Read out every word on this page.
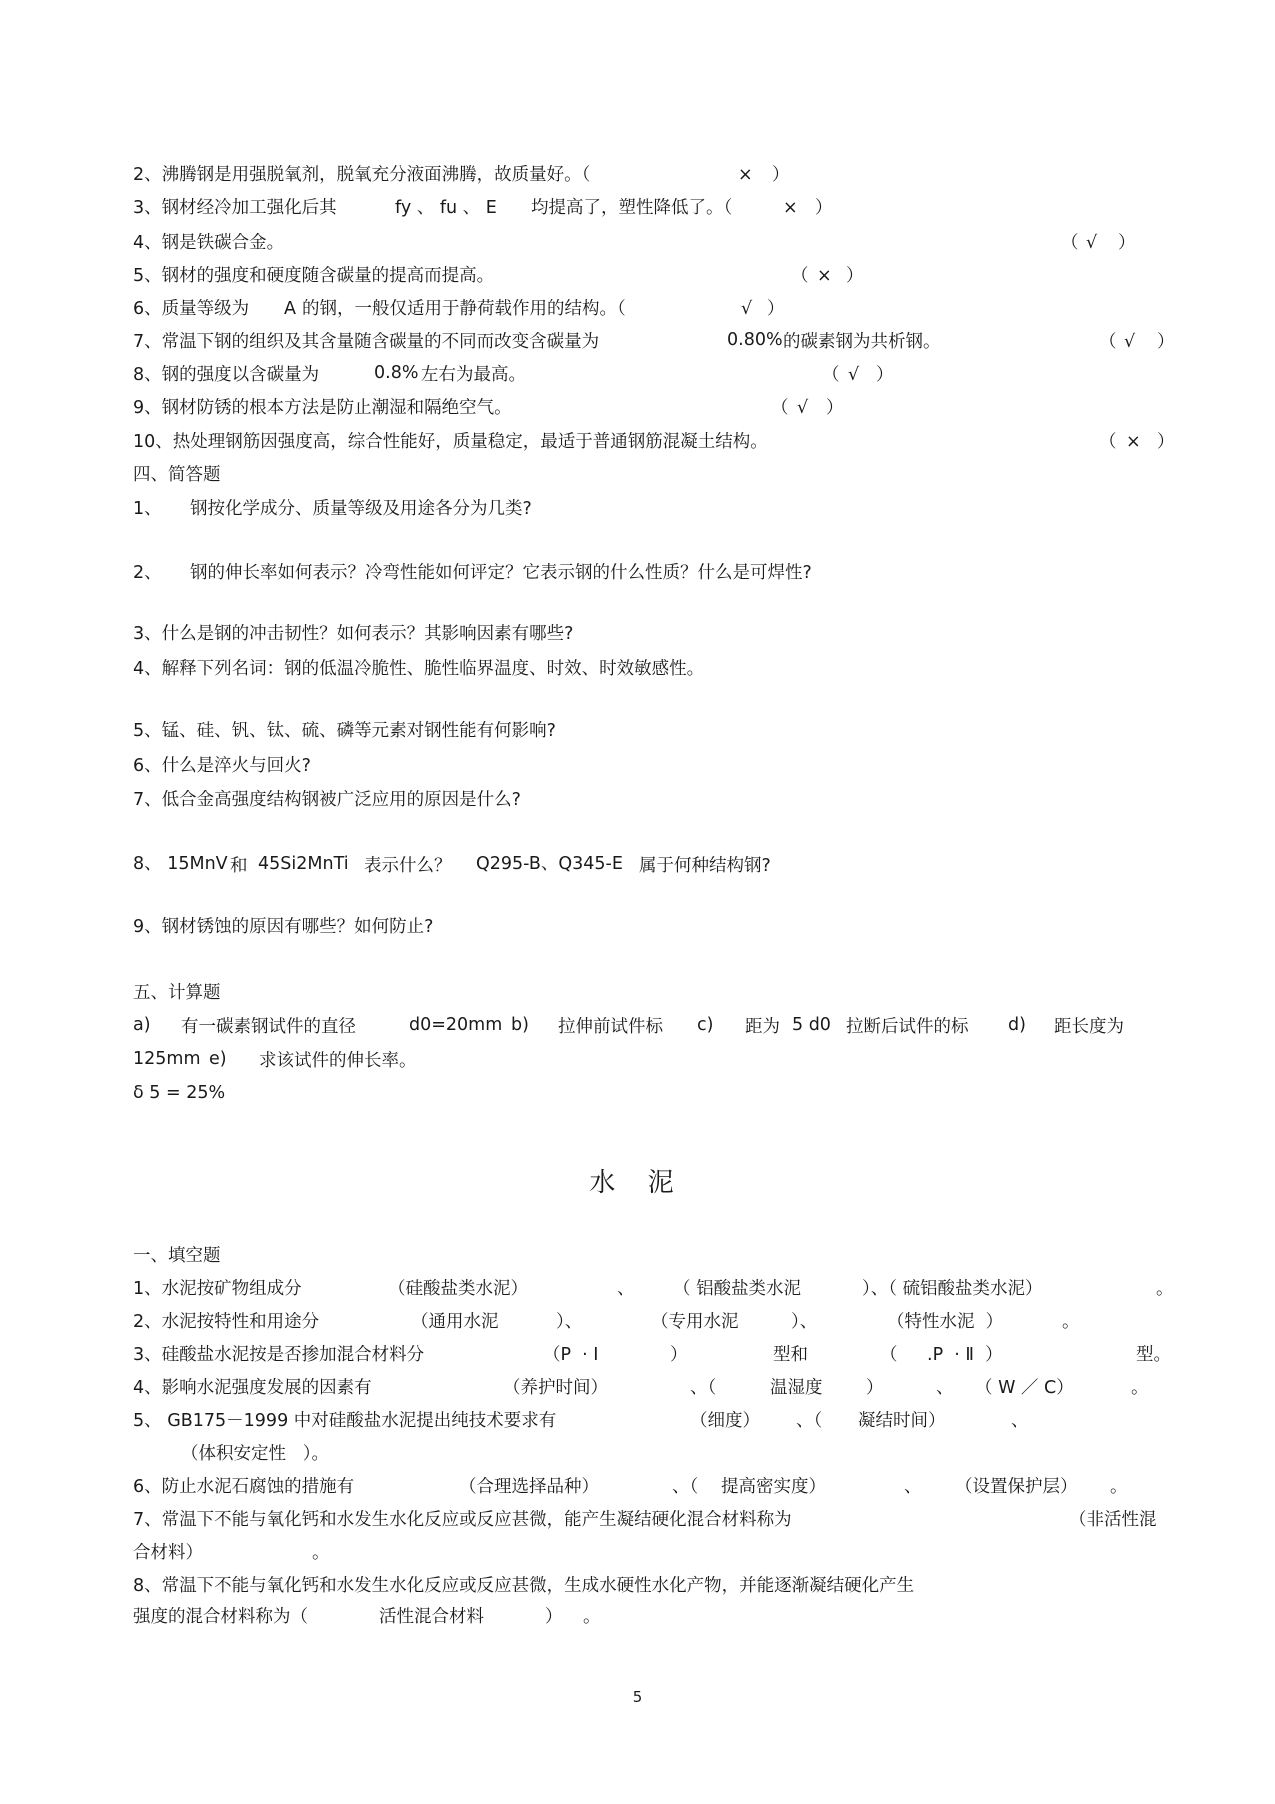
2、沸腾钢是用强脱氧剂，脱氧充分液面沸腾，故质量好。（	× ）
3、钢材经冷加工强化后其	fy 、 fu 、 E 均提高了，塑性降低了。（	× ）
4、钢是铁碳合金。	（ √ ）
5、钢材的强度和硬度随含碳量的提高而提高。	（ × ）
6、质量等级为 A 的钢，一般仅适用于静荷载作用的结构。（	√ ）
7、常温下钢的组织及其含量随含碳量的不同而改变含碳量为	0.80% 的碳素钢为共析钢。	（ √ ）
8、钢的强度以含碳量为	0.8% 左右为最高。	（ √ ）
9、钢材防锈的根本方法是防止潮湿和隔绝空气。	（ √ ）
10、热处理钢筋因强度高，综合性能好，质量稳定，最适于普通钢筋混凝土结构。	（ × ）
四、简答题
1、 钢按化学成分、质量等级及用途各分为几类?
2、 钢的伸长率如何表示？冷弯性能如何评定？它表示钢的什么性质？什么是可焊性?
3、什么是钢的冲击韧性？如何表示？其影响因素有哪些?
4、解释下列名词：钢的低温冷脆性、脆性临界温度、时效、时效敏感性。
5、锰、硅、钒、钛、硫、磷等元素对钢性能有何影响?
6、什么是淬火与回火?
7、低合金高强度结构钢被广泛应用的原因是什么?
8、 15MnV 和 45Si2MnTi 表示什么？ Q295-B、Q345-E 属于何种结构钢?
9、钢材锈蚀的原因有哪些？如何防止?
五、计算题
a) 有一碳素钢试件的直径	d0=20mm b) 拉伸前试件标 c) 距为 5 d0 拉断后试件的标 d) 距长度为
125mm e) 求该试件的伸长率。
δ 5 = 25%
水 泥
一、填空题
1、水泥按矿物组成分	（硅酸盐类水泥）	、 （ 铝酸盐类水泥	）、（ 硫铝酸盐类水泥）	。
2、水泥按特性和用途分	（通用水泥	）、	（专用水泥	）、	（特性水泥  ）	。
3、硅酸盐水泥按是否掺加混合材料分	（P  · Ⅰ	）	型和	（ .P  · Ⅱ  ）	型。
4、影响水泥强度发展的因素有	（养护时间）	、（	温湿度 ）	、 （ W ／ C）	。
5、 GB175－1999 中对硅酸盐水泥提出纯技术要求有	（细度） 、（ 凝结时间）	、
（体积安定性   ）。
6、防止水泥石腐蚀的措施有	（合理选择品种）	、（ 提高密实度）	、 （设置保护层） 。
7、常温下不能与氧化钙和水发生水化反应或反应甚微，能产生凝结硬化混合材料称为	（非活性混
合材料）	。
8、常温下不能与氧化钙和水发生水化反应或反应甚微，生成水硬性水化产物，并能逐渐凝结硬化产生
强度的混合材料称为（	活性混合材料	） 。
5
